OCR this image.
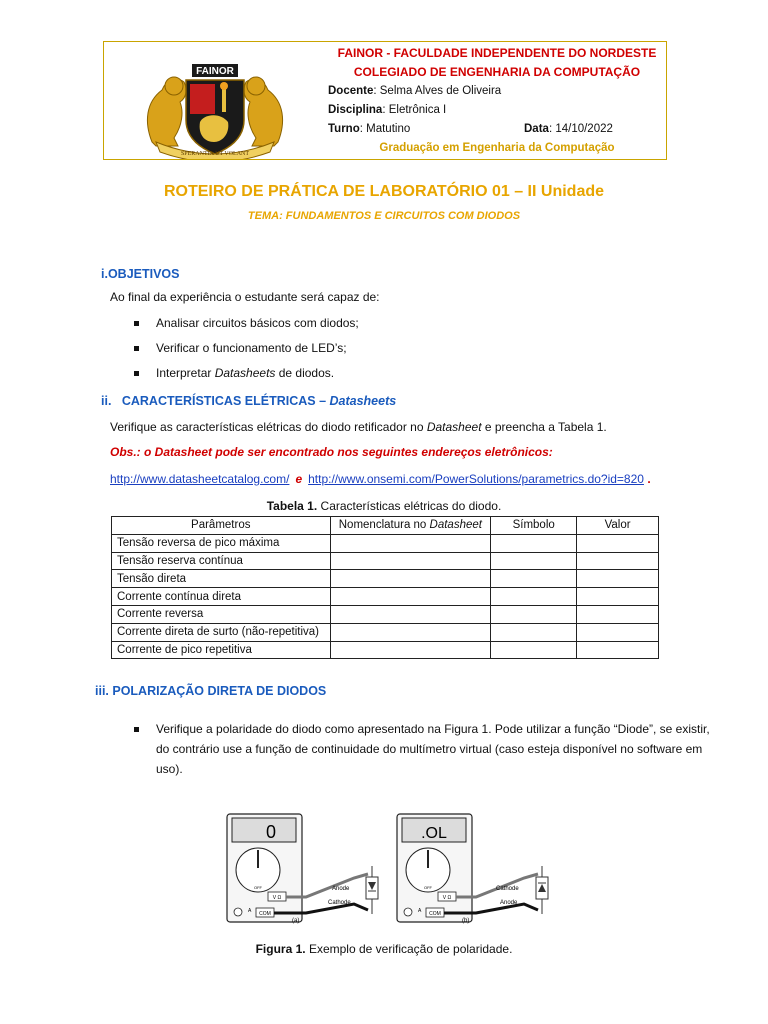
FAINOR
SPERANTIA UT VOLANT
FAINOR - FACULDADE INDEPENDENTE DO NORDESTE
COLEGIADO DE ENGENHARIA DA COMPUTAÇÃO
Docente: Selma Alves de Oliveira
Disciplina: Eletrônica I
Turno: Matutino	Data: 14/10/2022
Graduação em Engenharia da Computação
ROTEIRO DE PRÁTICA DE LABORATÓRIO 01 – II Unidade
TEMA: FUNDAMENTOS E CIRCUITOS COM DIODOS
i.OBJETIVOS
Ao final da experiência o estudante será capaz de:
Analisar circuitos básicos com diodos;
Verificar o funcionamento de LED’s;
Interpretar Datasheets de diodos.
ii.   CARACTERÍSTICAS ELÉTRICAS – Datasheets
Verifique as características elétricas do diodo retificador no Datasheet e preencha a Tabela 1.
Obs.: o Datasheet pode ser encontrado nos seguintes endereços eletrônicos:
http://www.datasheetcatalog.com/ e http://www.onsemi.com/PowerSolutions/parametrics.do?id=820 .
Tabela 1. Características elétricas do diodo.
Parâmetros	Nomenclatura no Datasheet	Símbolo	Valor
Tensão reversa de pico máxima			
Tensão reserva contínua			
Tensão direta			
Corrente contínua direta			
Corrente reversa			
Corrente direta de surto (não-repetitiva)			
Corrente de pico repetitiva			
iii. POLARIZAÇÃO DIRETA DE DIODOS
Verifique a polaridade do diodo como apresentado na Figura 1. Pode utilizar a função “Diode”, se existir,
do contrário use a função de continuidade do multímetro virtual (caso esteja disponível no software em
uso).
0
OFF
V Ω
A COM
Anode
Cathode
(a)
.OL
OFF
V Ω
A COM
Cathode
Anode
(b)
Figura 1. Exemplo de verificação de polaridade.
